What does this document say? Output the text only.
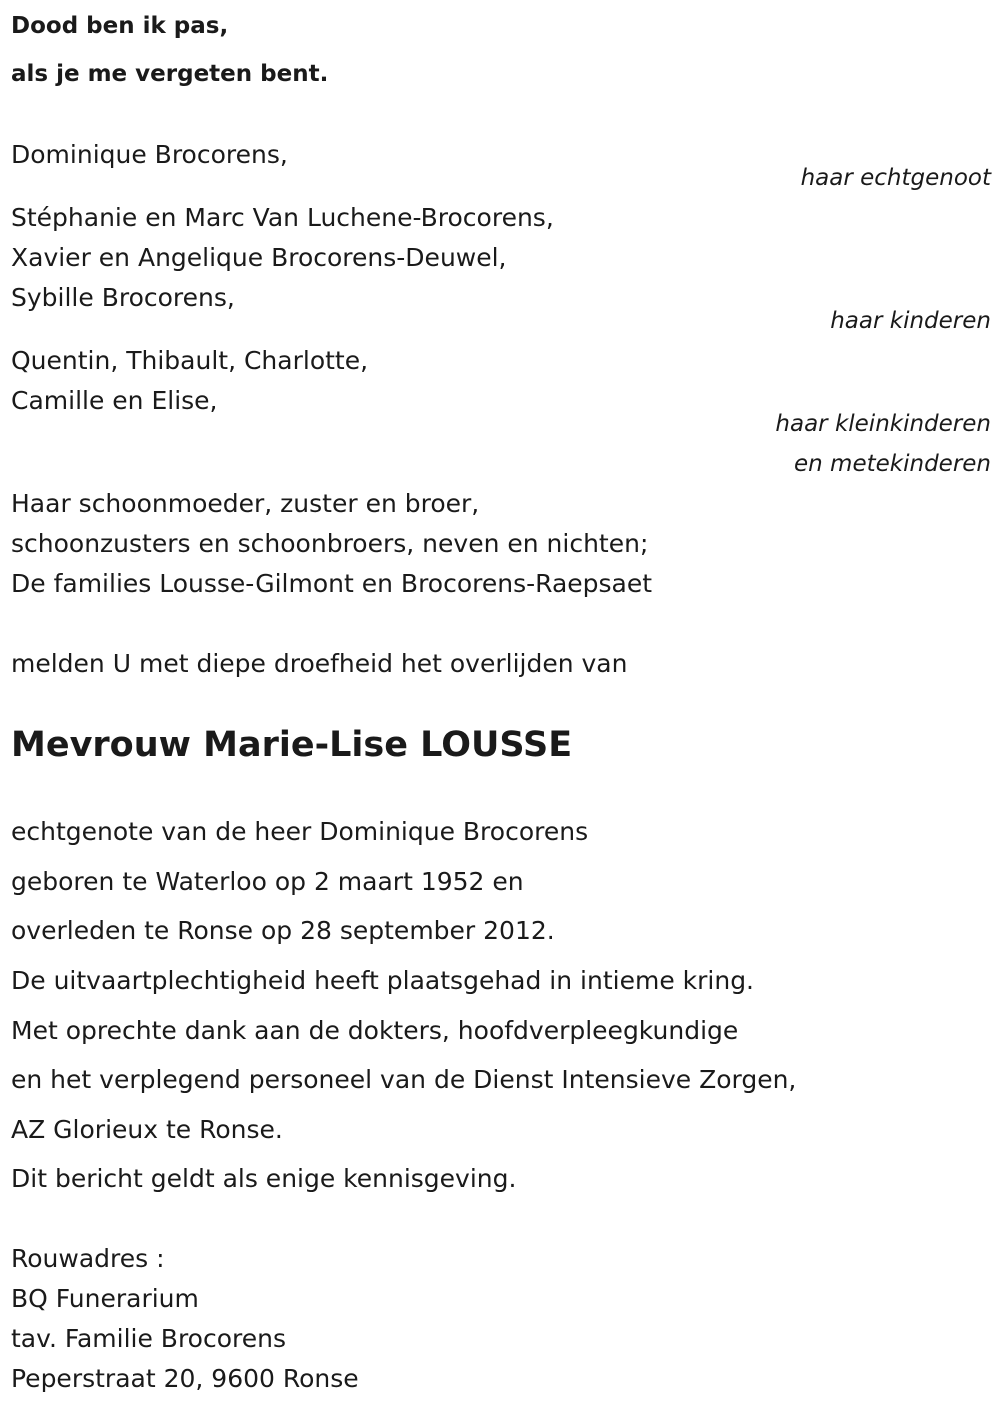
Dood ben ik pas,
als je me vergeten bent.
Dominique Brocorens,
haar echtgenoot
Stéphanie en Marc Van Luchene-Brocorens,
Xavier en Angelique Brocorens-Deuwel,
Sybille Brocorens,
haar kinderen
Quentin, Thibault, Charlotte,
Camille en Elise,
haar kleinkinderen
en metekinderen
Haar schoonmoeder, zuster en broer,
schoonzusters en schoonbroers, neven en nichten;
De families Lousse-Gilmont en Brocorens-Raepsaet
melden U met diepe droefheid het overlijden van
Mevrouw Marie-Lise LOUSSE
echtgenote van de heer Dominique Brocorens
geboren te Waterloo op 2 maart 1952 en
overleden te Ronse op 28 september 2012.
De uitvaartplechtigheid heeft plaatsgehad in intieme kring.
Met oprechte dank aan de dokters, hoofdverpleegkundige
en het verplegend personeel van de Dienst Intensieve Zorgen,
AZ Glorieux te Ronse.
Dit bericht geldt als enige kennisgeving.
Rouwadres :
BQ Funerarium
tav. Familie Brocorens
Peperstraat 20, 9600 Ronse
